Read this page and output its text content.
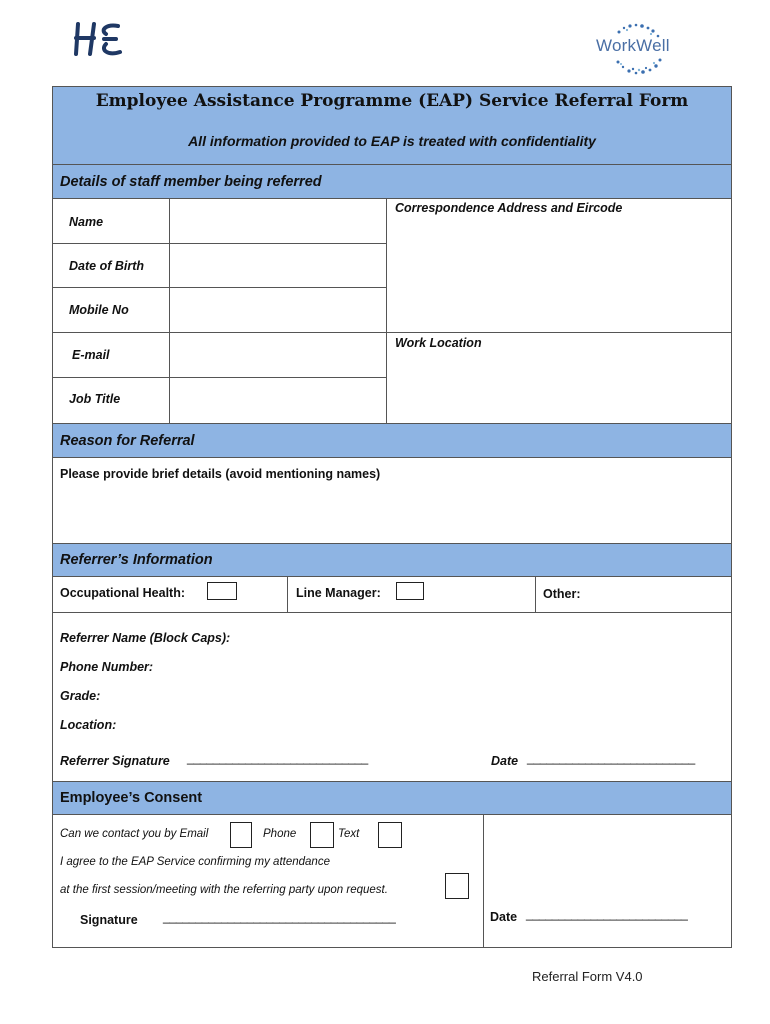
WorkWell
Employee Assistance Programme (EAP) Service Referral Form
All information provided to EAP is treated with confidentiality
Details of staff member being referred
Name
Date of Birth
Mobile No
E-mail
Job Title
Correspondence Address and Eircode
Work Location
Reason for Referral
Please provide brief details (avoid mentioning names)
Referrer’s Information
Occupational Health:	Line Manager:	Other:
Referrer Name (Block Caps):
Phone Number:
Grade:
Location:
Referrer Signature ____________________________	Date __________________________
Employee’s Consent
Can we contact you by Email	Phone	Text
I agree to the EAP Service confirming my attendance
at the first session/meeting with the referring party upon request.
Signature ____________________________________	Date _________________________
Referral Form V4.0
